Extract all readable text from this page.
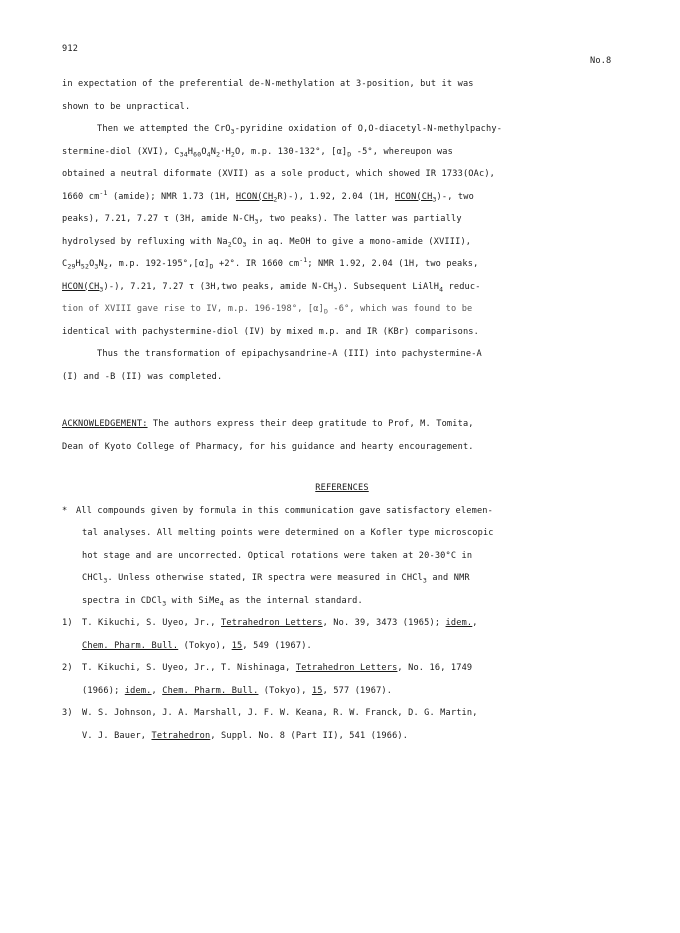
912
No.8
in expectation of the preferential de-N-methylation at 3-position, but it was
shown to be unpractical.
Then we attempted the CrO$_3$-pyridine oxidation of O,O-diacetyl-N-methylpachy-
stermine-diol (XVI), $C_{34}H_{60}O_4N_2\cdot H_2O$, m.p. 130-132°, $[\alpha]_D$ -5°, whereupon was
obtained a neutral diformate (XVII) as a sole product, which showed IR 1733(OAc),
1660 $cm^{-1}$ (amide); NMR 1.73 (1H, $HCON(CH_2R)-$), 1.92, 2.04 (1H, $HCON(CH_3)-$, two
peaks), 7.21, 7.27 τ (3H, amide $N-CH_3$, two peaks). The latter was partially
hydrolysed by refluxing with $Na_2CO_3$ in aq. MeOH to give a mono-amide (XVIII),
$C_{29}H_{52}O_3N_2$, m.p. $192-195^\circ,[\alpha]_D +2^\circ$. IR 1660 $cm^{-1}$; NMR 1.92, 2.04 (1H, two peaks,
$HCON(CH_3)-$), 7.21, 7.27 τ (3H,two peaks, amide $N-CH_3$). Subsequent LiAlH$_4$ reduc-
tion of XVIII gave rise to IV, m.p. 196-198°, $[\alpha]_D$ -6°, which was found to be
identical with pachystermine-diol (IV) by mixed m.p. and IR (KBr) comparisons.
Thus the transformation of epipachysandrine-A (III) into pachystermine-A
(I) and -B (II) was completed.
ACKNOWLEDGEMENT: The authors express their deep gratitude to Prof, M. Tomita,
Dean of Kyoto College of Pharmacy, for his guidance and hearty encouragement.
REFERENCES
* All compounds given by formula in this communication gave satisfactory elemen-
tal analyses. All melting points were determined on a Kofler type microscopic
hot stage and are uncorrected. Optical rotations were taken at 20-30°C in
CHCl$_3$. Unless otherwise stated, IR spectra were measured in CHCl$_3$ and NMR
spectra in CDCl$_3$ with SiMe$_4$ as the internal standard.
1) T. Kikuchi, S. Uyeo, Jr., Tetrahedron Letters, No. 39, 3473 (1965); idem.,
Chem. Pharm. Bull. (Tokyo), 15, 549 (1967).
2) T. Kikuchi, S. Uyeo, Jr., T. Nishinaga, Tetrahedron Letters, No. 16, 1749
(1966); idem., Chem. Pharm. Bull. (Tokyo), 15, 577 (1967).
3) W. S. Johnson, J. A. Marshall, J. F. W. Keana, R. W. Franck, D. G. Martin,
V. J. Bauer, Tetrahedron, Suppl. No. 8 (Part II), 541 (1966).
